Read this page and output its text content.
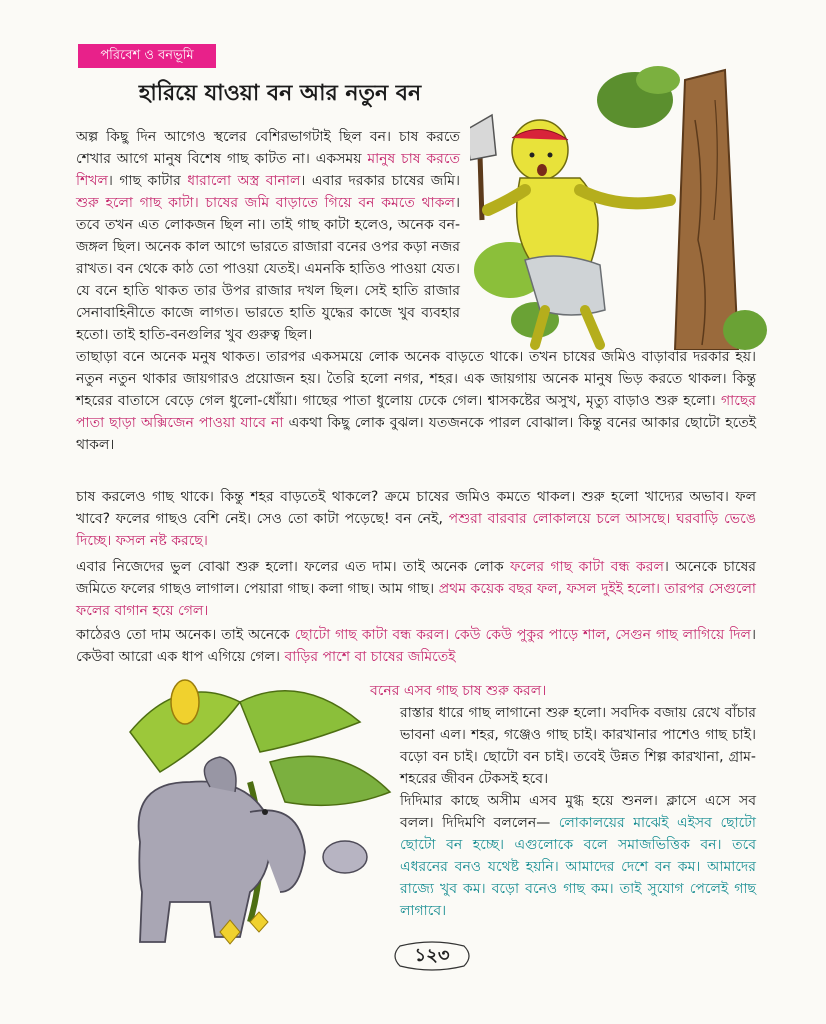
পরিবেশ ও বনভূমি
হারিয়ে যাওয়া বন আর নতুন বন
অল্প কিছু দিন আগেও স্থলের বেশিরভাগটাই ছিল বন। চাষ করতে শেখার আগে মানুষ বিশেষ গাছ কাটত না। একসময় মানুষ চাষ করতে শিখল। গাছ কাটার ধারালো অস্ত্র বানাল। এবার দরকার চাষের জমি। শুরু হলো গাছ কাটা। চাষের জমি বাড়াতে গিয়ে বন কমতে থাকল। তবে তখন এত লোকজন ছিল না। তাই গাছ কাটা হলেও, অনেক বন-জঙ্গল ছিল। অনেক কাল আগে ভারতে রাজারা বনের ওপর কড়া নজর রাখত। বন থেকে কাঠ তো পাওয়া যেতই। এমনকি হাতিও পাওয়া যেত। যে বনে হাতি থাকত তার উপর রাজার দখল ছিল। সেই হাতি রাজার সেনাবাহিনীতে কাজে লাগত। ভারতে হাতি যুদ্ধের কাজে খুব ব্যবহার হতো। তাই হাতি-বনগুলির খুব গুরুত্ব ছিল।
তাছাড়া বনে অনেক মনুষ থাকত। তারপর একসময়ে লোক অনেক বাড়তে থাকে। তখন চাষের জমিও বাড়াবার দরকার হয়। নতুন নতুন থাকার জায়গারও প্রয়োজন হয়। তৈরি হলো নগর, শহর। এক জায়গায় অনেক মানুষ ভিড় করতে থাকল। কিন্তু শহরের বাতাসে বেড়ে গেল ধুলো-ধোঁয়া। গাছের পাতা ধুলোয় ঢেকে গেল। শ্বাসকষ্টের অসুখ, মৃত্যু বাড়াও শুরু হলো। গাছের পাতা ছাড়া অক্সিজেন পাওয়া যাবে না একথা কিছু লোক বুঝল। যতজনকে পারল বোঝাল। কিন্তু বনের আকার ছোটো হতেই থাকল।
চাষ করলেও গাছ থাকে। কিন্তু শহর বাড়তেই থাকলে? ক্রমে চাষের জমিও কমতে থাকল। শুরু হলো খাদ্যের অভাব। ফল খাবে? ফলের গাছও বেশি নেই। সেও তো কাটা পড়েছে! বন নেই, পশুরা বারবার লোকালয়ে চলে আসছে। ঘরবাড়ি ভেঙে দিচ্ছে। ফসল নষ্ট করছে।
এবার নিজেদের ভুল বোঝা শুরু হলো। ফলের এত দাম। তাই অনেক লোক ফলের গাছ কাটা বন্ধ করল। অনেকে চাষের জমিতে ফলের গাছও লাগাল। পেয়ারা গাছ। কলা গাছ। আম গাছ। প্রথম কয়েক বছর ফল, ফসল দুইই হলো। তারপর সেগুলো ফলের বাগান হয়ে গেল।
কাঠেরও তো দাম অনেক। তাই অনেকে ছোটো গাছ কাটা বন্ধ করল। কেউ কেউ পুকুর পাড়ে শাল, সেগুন গাছ লাগিয়ে দিল। কেউবা আরো এক ধাপ এগিয়ে গেল। বাড়ির পাশে বা চাষের জমিতেই
বনের এসব গাছ চাষ শুরু করল।
রাস্তার ধারে গাছ লাগানো শুরু হলো। সবদিক বজায় রেখে বাঁচার ভাবনা এল। শহর, গঞ্জেও গাছ চাই। কারখানার পাশেও গাছ চাই। বড়ো বন চাই। ছোটো বন চাই। তবেই উন্নত শিল্প কারখানা, গ্রাম-শহরের জীবন টেকসই হবে।
দিদিমার কাছে অসীম এসব মুগ্ধ হয়ে শুনল। ক্লাসে এসে সব বলল। দিদিমণি বললেন— লোকালয়ের মাঝেই এইসব ছোটো ছোটো বন হচ্ছে। এগুলোকে বলে সমাজভিত্তিক বন। তবে এধরনের বনও যথেষ্ট হয়নি। আমাদের দেশে বন কম। আমাদের রাজ্যে খুব কম। বড়ো বনেও গাছ কম। তাই সুযোগ পেলেই গাছ লাগাবে।
১২৩
